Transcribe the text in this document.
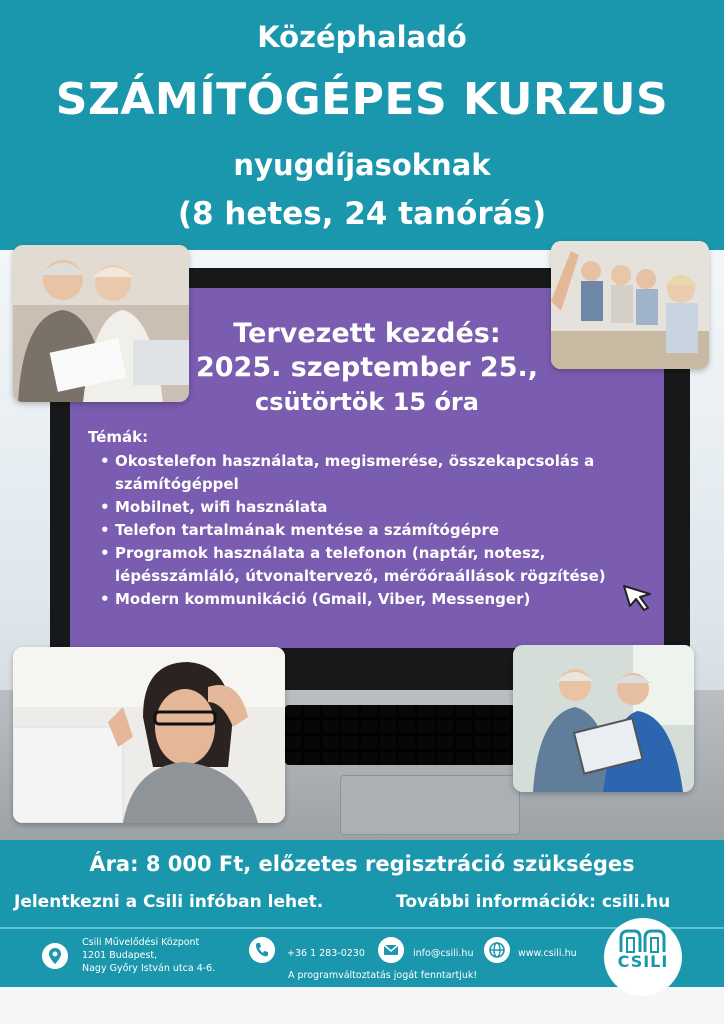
Középhaladó
SZÁMÍTÓGÉPES KURZUS
nyugdíjasoknak
(8 hetes, 24 tanórás)
Tervezett kezdés:
2025. szeptember 25.,
csütörtök 15 óra
Témák:
• Okostelefon használata, megismerése, összekapcsolás a számítógéppel
• Mobilnet, wifi használata
• Telefon tartalmának mentése a számítógépre
• Programok használata a telefonon (naptár, notesz, lépésszámláló, útvonaltervező, mérőóraállások rögzítése)
• Modern kommunikáció (Gmail, Viber, Messenger)
Ára: 8 000 Ft, előzetes regisztráció szükséges
Jelentkezni a Csili infóban lehet.	További információk: csili.hu
Csili Művelődési Központ
1201 Budapest,
Nagy Győry István utca 4-6.
+36 1 283-0230	info@csili.hu	www.csili.hu
A programváltoztatás jogát fenntartjuk!
CSILI
